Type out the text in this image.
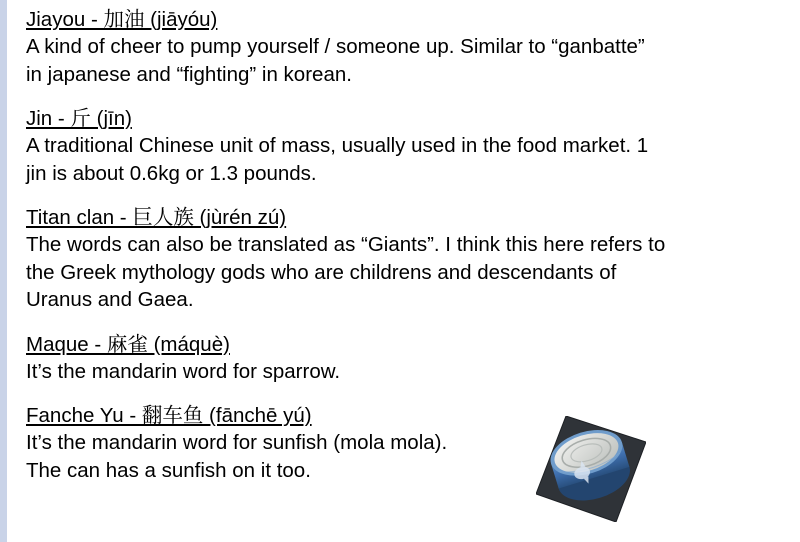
Jiayou - 加油 (jiāyóu)
A kind of cheer to pump yourself / someone up. Similar to “ganbatte”
in japanese and “fighting” in korean.
Jin - 斤 (jīn)
A traditional Chinese unit of mass, usually used in the food market. 1
jin is about 0.6kg or 1.3 pounds.
Titan clan - 巨人族 (jùrén zú)
The words can also be translated as “Giants”. I think this here refers to
the Greek mythology gods who are childrens and descendants of
Uranus and Gaea.
Maque - 麻雀 (máquè)
It’s the mandarin word for sparrow.
Fanche Yu - 翻车鱼 (fānchē yú)
It’s the mandarin word for sunfish (mola mola).
The can has a sunfish on it too.
